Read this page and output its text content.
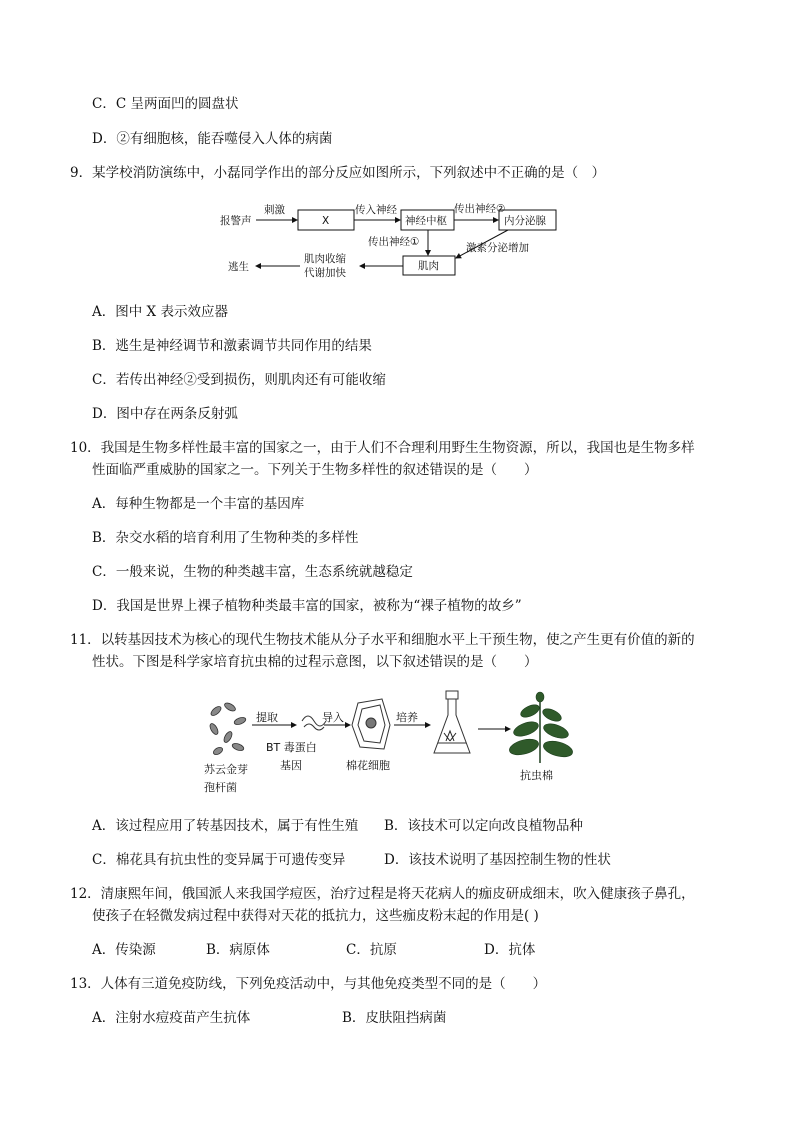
C．C 呈两面凹的圆盘状
D．②有细胞核，能吞噬侵入人体的病菌
9．某学校消防演练中，小磊同学作出的部分反应如图所示，下列叙述中不正确的是（　）
报警声
刺激
X
传入神经
神经中枢
传出神经②
内分泌腺
传出神经①	激素分泌增加
肌肉
肌肉收缩
代谢加快
逃生
A．图中 X 表示效应器
B．逃生是神经调节和激素调节共同作用的结果
C．若传出神经②受到损伤，则肌肉还有可能收缩
D．图中存在两条反射弧
10．我国是生物多样性最丰富的国家之一，由于人们不合理利用野生生物资源，所以，我国也是生物多样
性面临严重威胁的国家之一。下列关于生物多样性的叙述错误的是（　　）
A．每种生物都是一个丰富的基因库
B．杂交水稻的培育利用了生物种类的多样性
C．一般来说，生物的种类越丰富，生态系统就越稳定
D．我国是世界上裸子植物种类最丰富的国家，被称为“裸子植物的故乡”
11．以转基因技术为核心的现代生物技术能从分子水平和细胞水平上干预生物，使之产生更有价值的新的
性状。下图是科学家培育抗虫棉的过程示意图，以下叙述错误的是（　　）
提取	导入	培养
BT 毒蛋白
基因
苏云金芽
孢杆菌
棉花细胞
抗虫棉
A．该过程应用了转基因技术，属于有性生殖 B．该技术可以定向改良植物品种
C．棉花具有抗虫性的变异属于可遗传变异	D．该技术说明了基因控制生物的性状
12．清康熙年间，俄国派人来我国学痘医，治疗过程是将天花病人的痂皮研成细末，吹入健康孩子鼻孔，
使孩子在轻微发病过程中获得对天花的抵抗力，这些痂皮粉末起的作用是( )
A．传染源	B．病原体	C．抗原	D．抗体
13．人体有三道免疫防线，下列免疫活动中，与其他免疫类型不同的是（　　）
A．注射水痘疫苗产生抗体	B．皮肤阻挡病菌
